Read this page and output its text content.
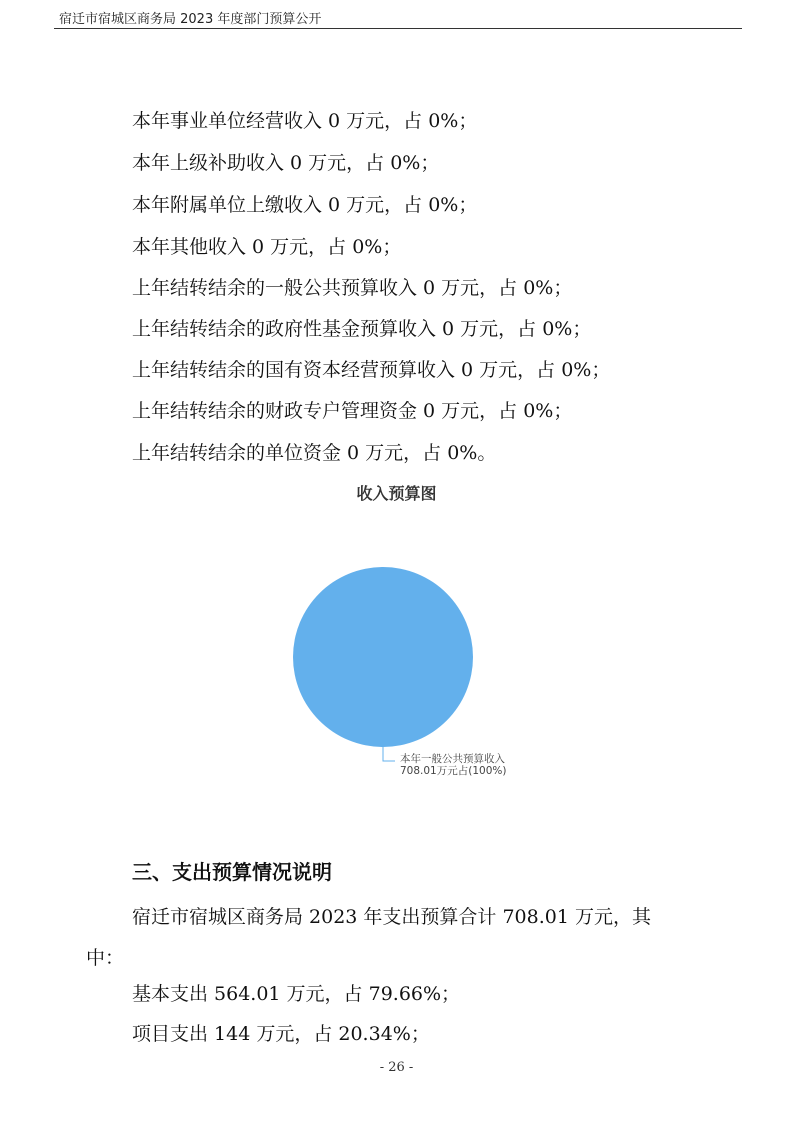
宿迁市宿城区商务局 2023 年度部门预算公开
本年事业单位经营收入 0 万元，占 0%；
本年上级补助收入 0 万元，占 0%；
本年附属单位上缴收入 0 万元，占 0%；
本年其他收入 0 万元，占 0%；
上年结转结余的一般公共预算收入 0 万元，占 0%；
上年结转结余的政府性基金预算收入 0 万元，占 0%；
上年结转结余的国有资本经营预算收入 0 万元，占 0%；
上年结转结余的财政专户管理资金 0 万元，占 0%；
上年结转结余的单位资金 0 万元，占 0%。
收入预算图
本年一般公共预算收入
708.01万元占(100%)
三、支出预算情况说明
宿迁市宿城区商务局 2023 年支出预算合计 708.01 万元，其
中：
基本支出 564.01 万元，占 79.66%；
项目支出 144 万元，占 20.34%；
- 26 -
